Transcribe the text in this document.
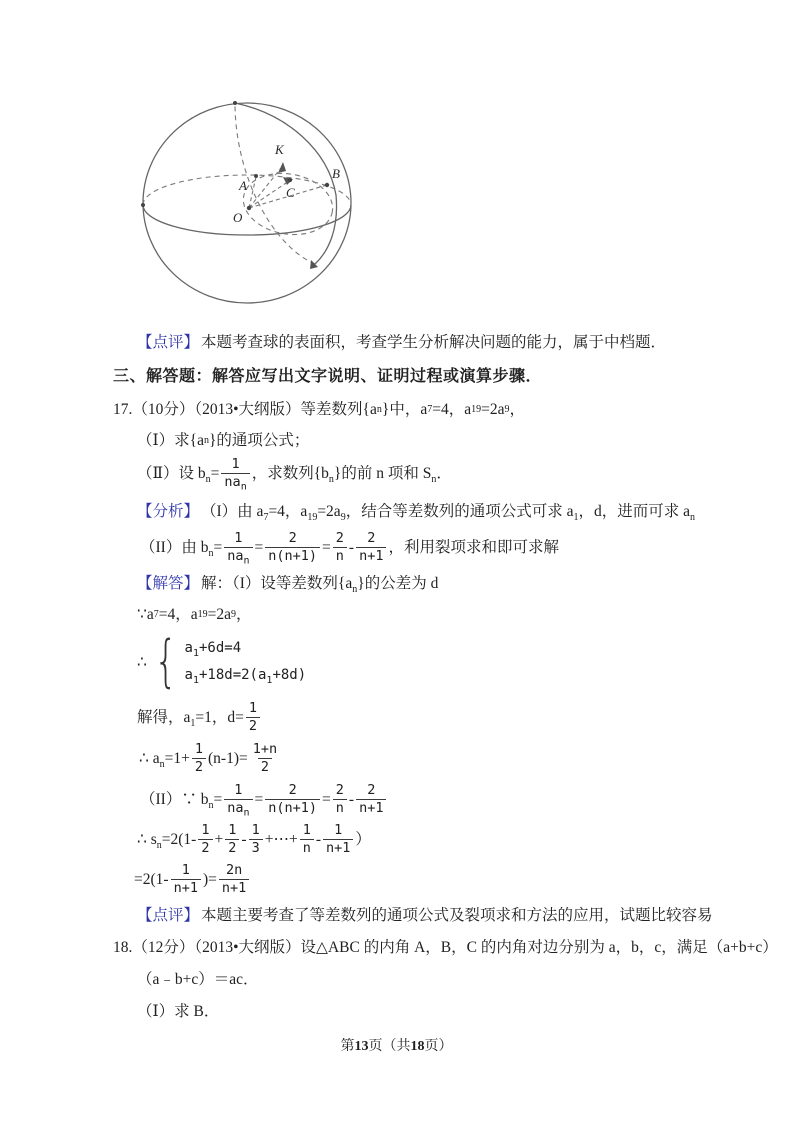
K
A
B
C
O
【点评】 本题考查球的表面积，考查学生分析解决问题的能力，属于中档题．
三、解答题：解答应写出文字说明、证明过程或演算步骤．
17.（10分）（2013•大纲版）等差数列{a n }中，a 7 =4，a 19 =2a 9 ，
（Ⅰ）求{a n }的通项公式；
（Ⅱ）设 $b_n= \frac{1}{na_n}$ ，求数列$\{b_n\}$的前 n 项和 $S_n$．
【分析】 （I）由 $a_7=4$，$a_{19}=2a_9$，结合等差数列的通项公式可求 $a_1$，d，进而可求 $a_n$
（II）由 $b_n= \frac{1}{na_n} = \frac{2}{n(n+1)} = \frac{2}{n} - \frac{2}{n+1}$ ，利用裂项求和即可求解
【解答】 解：（I）设等差数列$\{a_n\}$的公差为 d
∵a 7 =4，a 19 =2a 9 ，
∴ { $a_1+6d=4$
$a_1+18d=2(a_1+8d)$
解得，$a_1=1$，$d= \frac{1}{2}$
∴ $a_n=1+ \frac{1}{2} (n-1)= \frac{1+n}{2}$
（II）∵ $b_n= \frac{1}{na_n} = \frac{2}{n(n+1)} = \frac{2}{n} - \frac{2}{n+1}$
∴ $s_n=2(1- \frac{1}{2} + \frac{1}{2} - \frac{1}{3}$ +⋯+ $\frac{1}{n} - \frac{1}{n+1}$ ）
$=2(1- \frac{1}{n+1}$ )= $\frac{2n}{n+1}$
【点评】 本题主要考查了等差数列的通项公式及裂项求和方法的应用，试题比较容易
18.（12分）（2013•大纲版）设△ABC 的内角 A，B，C 的内角对边分别为 a，b，c，满足（a+b+c）
（a﹣b+c）＝ac．
（Ⅰ）求 B．
第13页（共18页）
